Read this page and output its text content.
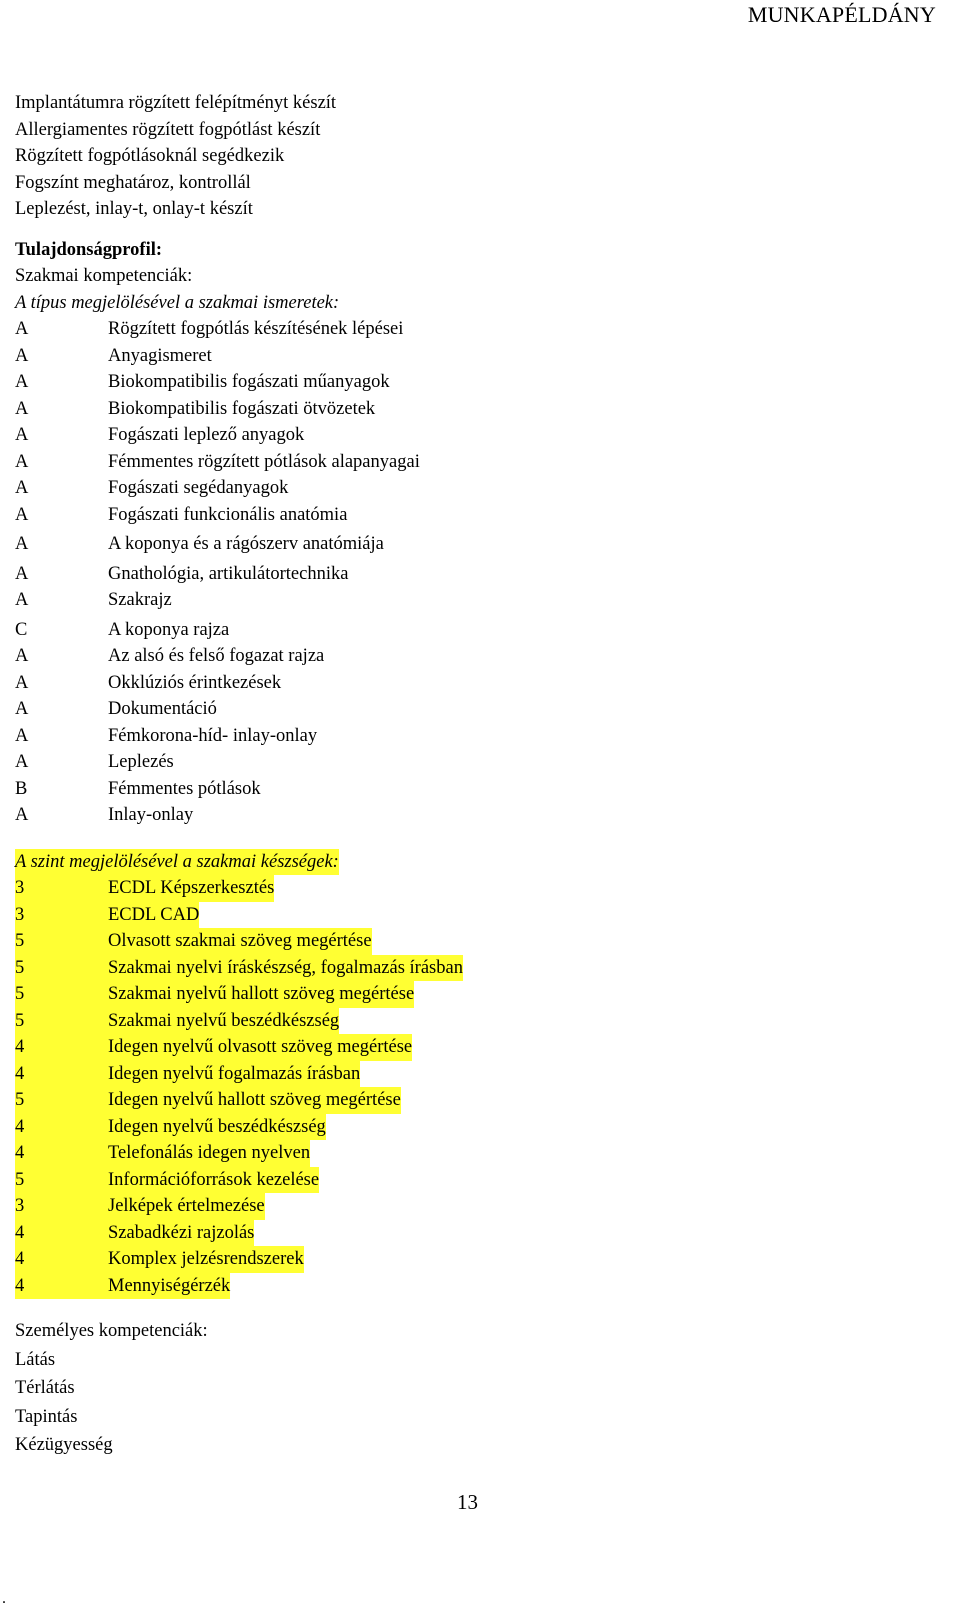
MUNKAPÉLDÁNY
Implantátumra rögzített felépítményt készít
Allergiamentes rögzített fogpótlást készít
Rögzített fogpótlásoknál segédkezik
Fogszínt meghatároz, kontrollál
Leplezést, inlay-t, onlay-t készít
Tulajdonságprofil:
Szakmai kompetenciák:
A típus megjelölésével a szakmai ismeretek:
A	Rögzített fogpótlás készítésének lépései
A	Anyagismeret
A	Biokompatibilis fogászati műanyagok
A	Biokompatibilis fogászati ötvözetek
A	Fogászati leplező anyagok
A	Fémmentes rögzített pótlások alapanyagai
A	Fogászati segédanyagok
A	Fogászati funkcionális anatómia
A	A koponya és a rágószerv anatómiája
A	Gnathológia, artikulátortechnika
A	Szakrajz
C	A koponya rajza
A	Az alsó és felső fogazat rajza
A	Okklúziós érintkezések
A	Dokumentáció
A	Fémkorona-híd- inlay-onlay
A	Leplezés
B	Fémmentes pótlások
A	Inlay-onlay
A szint megjelölésével a szakmai készségek:
3	ECDL Képszerkesztés
3	ECDL CAD
5	Olvasott szakmai szöveg megértése
5	Szakmai nyelvi íráskészség, fogalmazás írásban
5	Szakmai nyelvű hallott szöveg megértése
5	Szakmai nyelvű beszédkészség
4	Idegen nyelvű olvasott szöveg megértése
4	Idegen nyelvű fogalmazás írásban
5	Idegen nyelvű hallott szöveg megértése
4	Idegen nyelvű beszédkészség
4	Telefonálás idegen nyelven
5	Információforrások kezelése
3	Jelképek értelmezése
4	Szabadkézi rajzolás
4	Komplex jelzésrendszerek
4	Mennyiségérzék
Személyes kompetenciák:
Látás
Térlátás
Tapintás
Kézügyesség
13
.
